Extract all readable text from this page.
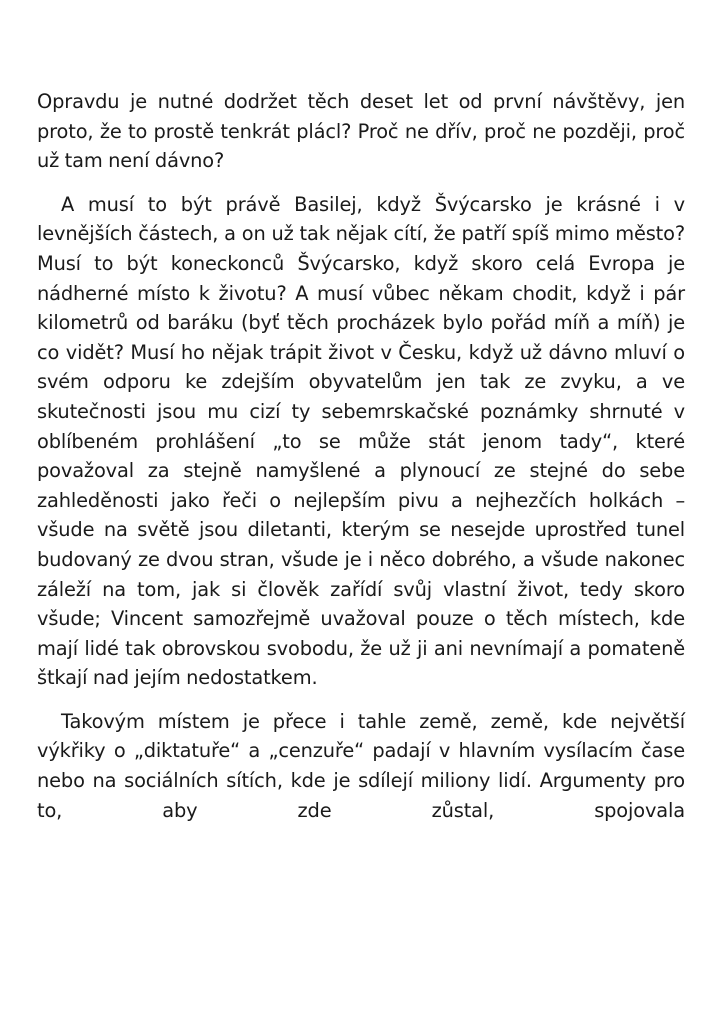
Opravdu je nutné dodržet těch deset let od první návštěvy, jen proto, že to prostě tenkrát plácl? Proč ne dřív, proč ne později, proč už tam není dávno?

A musí to být právě Basilej, když Švýcarsko je krásné i v levnějších částech, a on už tak nějak cítí, že patří spíš mimo město? Musí to být koneckonců Švýcarsko, když skoro celá Evropa je nádherné místo k životu? A musí vůbec někam chodit, když i pár kilometrů od baráku (byť těch procházek bylo pořád míň a míň) je co vidět? Musí ho nějak trápit život v Česku, když už dávno mluví o svém odporu ke zdejším obyvatelům jen tak ze zvyku, a ve skutečnosti jsou mu cizí ty sebemrskačské poznámky shrnuté v oblíbeném prohlášení „to se může stát jenom tady“, které považoval za stejně namyšlené a plynoucí ze stejné do sebe zahleděnosti jako řeči o nejlepším pivu a nejhezčích holkách – všude na světě jsou diletanti, kterým se nesejde uprostřed tunel budovaný ze dvou stran, všude je i něco dobrého, a všude nakonec záleží na tom, jak si člověk zařídí svůj vlastní život, tedy skoro všude; Vincent samozřejmě uvažoval pouze o těch místech, kde mají lidé tak obrovskou svobodu, že už ji ani nevnímají a pomateně štkají nad jejím nedostatkem.

Takovým místem je přece i tahle země, země, kde největší výkřiky o „diktatuře“ a „cenzuře“ padají v hlavním vysílacím čase nebo na sociálních sítích, kde je sdílejí miliony lidí. Argumenty pro to, aby zde zůstal, spojovala
